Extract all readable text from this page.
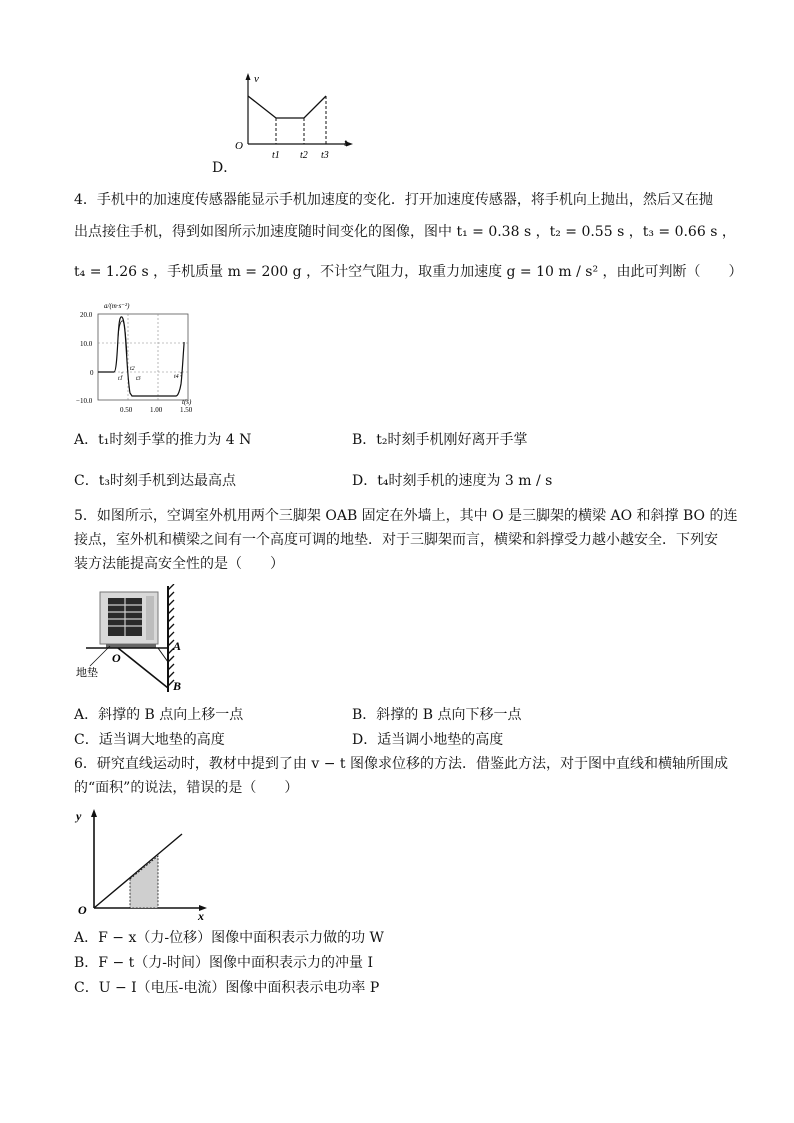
D．
v
t
O
t1 t2 t3
4．手机中的加速度传感器能显示手机加速度的变化．打开加速度传感器，将手机向上抛出，然后又在抛
出点接住手机，得到如图所示加速度随时间变化的图像，图中 t₁ = 0.38 s ，t₂ = 0.55 s ，t₃ = 0.66 s ，
t₄ = 1.26 s ，手机质量 m = 200 g ，不计空气阻力，取重力加速度 g = 10 m / s² ，由此可判断（　　）
a/(m·s⁻²)
t(s)
20.0
10.0
0
−10.0
0.50	1.00	1.50
t1
t2
t3	t4
A．t₁时刻手掌的推力为 4 N	B．t₂时刻手机刚好离开手掌
C．t₃时刻手机到达最高点	D．t₄时刻手机的速度为 3 m / s
5．如图所示，空调室外机用两个三脚架 OAB 固定在外墙上，其中 O 是三脚架的横梁 AO 和斜撑 BO 的连
接点，室外机和横梁之间有一个高度可调的地垫．对于三脚架而言，横梁和斜撑受力越小越安全．下列安
装方法能提高安全性的是（　　）
O
A
B
地垫
A．斜撑的 B 点向上移一点	B．斜撑的 B 点向下移一点
C．适当调大地垫的高度	D．适当调小地垫的高度
6．研究直线运动时，教材中提到了由 v − t 图像求位移的方法．借鉴此方法，对于图中直线和横轴所围成
的“面积”的说法，错误的是（　　）
y
x
O
A．F − x（力-位移）图像中面积表示力做的功 W
B．F − t（力-时间）图像中面积表示力的冲量 I
C．U − I（电压-电流）图像中面积表示电功率 P
